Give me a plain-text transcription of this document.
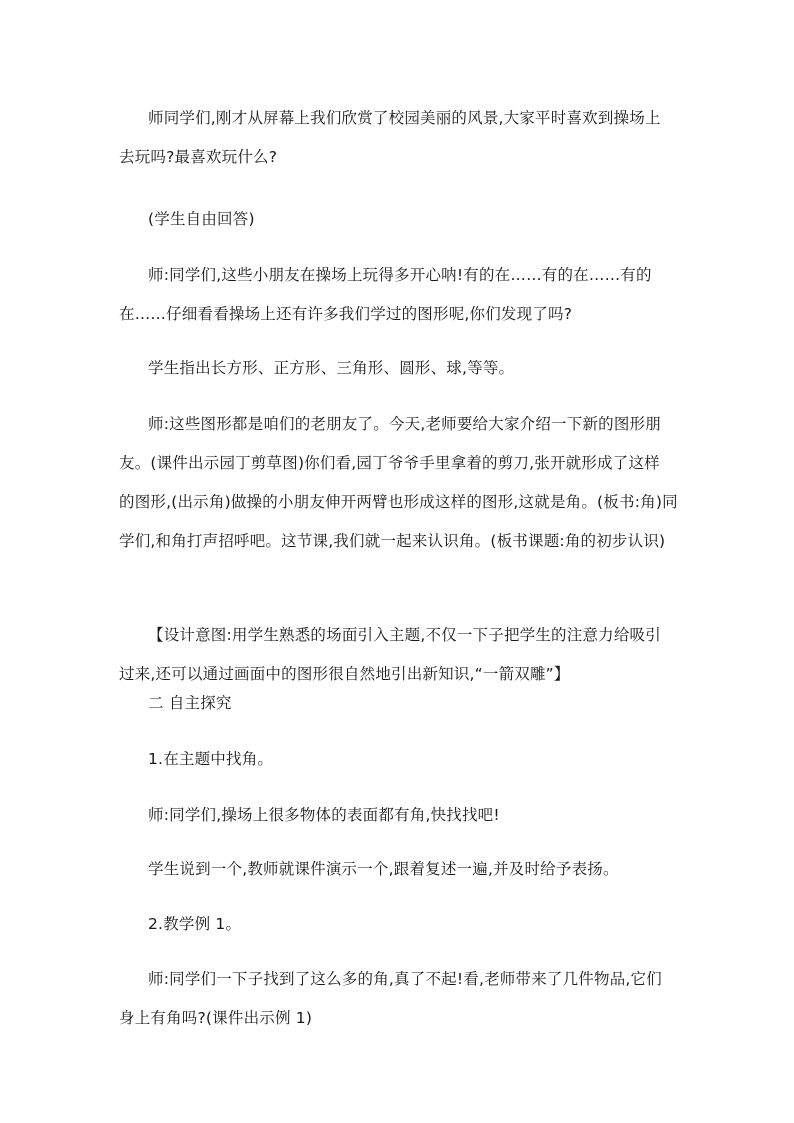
师同学们,刚才从屏幕上我们欣赏了校园美丽的风景,大家平时喜欢到操场上
去玩吗?最喜欢玩什么?

(学生自由回答)

师:同学们,这些小朋友在操场上玩得多开心呐!有的在……有的在……有的
在……仔细看看操场上还有许多我们学过的图形呢,你们发现了吗?

学生指出长方形、正方形、三角形、圆形、球,等等。

师:这些图形都是咱们的老朋友了。今天,老师要给大家介绍一下新的图形朋
友。(课件出示园丁剪草图)你们看,园丁爷爷手里拿着的剪刀,张开就形成了这样
的图形,(出示角)做操的小朋友伸开两臂也形成这样的图形,这就是角。(板书:角)同
学们,和角打声招呼吧。这节课,我们就一起来认识角。(板书课题:角的初步认识)

【设计意图:用学生熟悉的场面引入主题,不仅一下子把学生的注意力给吸引
过来,还可以通过画面中的图形很自然地引出新知识,“一箭双雕”】

二 自主探究

1.在主题中找角。

师:同学们,操场上很多物体的表面都有角,快找找吧!

学生说到一个,教师就课件演示一个,跟着复述一遍,并及时给予表扬。

2.教学例 1。

师:同学们一下子找到了这么多的角,真了不起!看,老师带来了几件物品,它们
身上有角吗?(课件出示例 1)
